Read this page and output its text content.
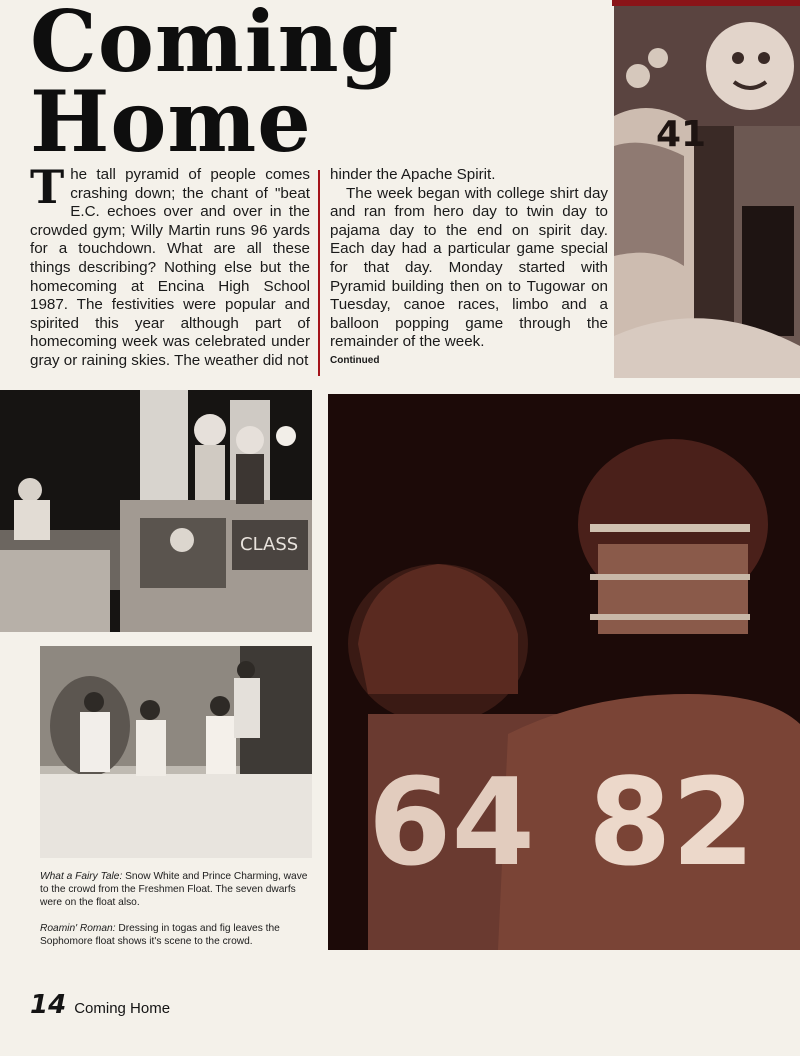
Coming
Home

The tall pyramid of people comes crashing down; the chant of "beat E.C. echoes over and over in the crowded gym; Willy Martin runs 96 yards for a touchdown. What are all these things describing? Nothing else but the homecoming at Encina High School 1987. The festivities were popular and spirited this year although part of homecoming week was celebrated under gray or raining skies. The weather did not

hinder the Apache Spirit.

The week began with college shirt day and ran from hero day to twin day to pajama day to the end on spirit day. Each day had a particular game special for that day. Monday started with Pyramid building then on to Tugowar on Tuesday, canoe races, limbo and a balloon popping game through the remainder of the week.

Continued

41
CLASS
64 82

What a Fairy Tale: Snow White and Prince Charming, wave to the crowd from the Freshmen Float. The seven dwarfs were on the float also.

Roamin' Roman: Dressing in togas and fig leaves the Sophomore float shows it's scene to the crowd.

14 Coming Home
